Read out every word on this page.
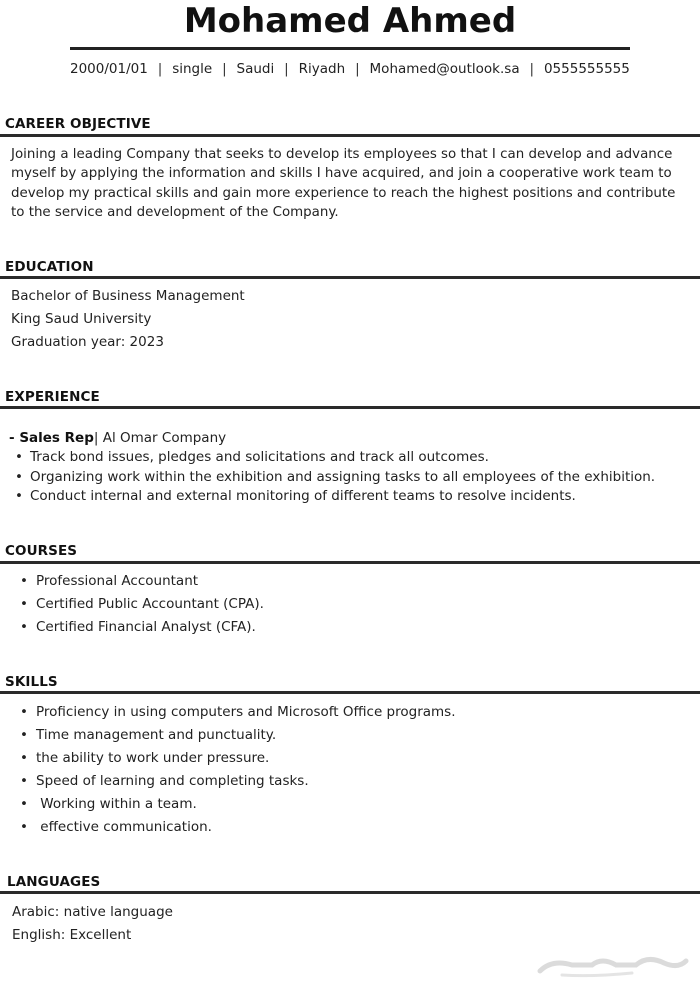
Mohamed Ahmed
2000/01/01 | single | Saudi | Riyadh | Mohamed@outlook.sa | 0555555555
CAREER OBJECTIVE

Joining a leading Company that seeks to develop its employees so that I can develop and advance myself by applying the information and skills I have acquired, and join a cooperative work team to develop my practical skills and gain more experience to reach the highest positions and contribute to the service and development of the Company.

EDUCATION
Bachelor of Business Management
King Saud University
Graduation year: 2023
EXPERIENCE
- Sales Rep| Al Omar Company
• Track bond issues, pledges and solicitations and track all outcomes.
• Organizing work within the exhibition and assigning tasks to all employees of the exhibition.
• Conduct internal and external monitoring of different teams to resolve incidents.
COURSES
• Professional Accountant
• Certified Public Accountant (CPA).
• Certified Financial Analyst (CFA).
SKILLS
• Proficiency in using computers and Microsoft Office programs.
• Time management and punctuality.
• the ability to work under pressure.
• Speed of learning and completing tasks.
• Working within a team.
• effective communication.
LANGUAGES
Arabic: native language
English: Excellent
